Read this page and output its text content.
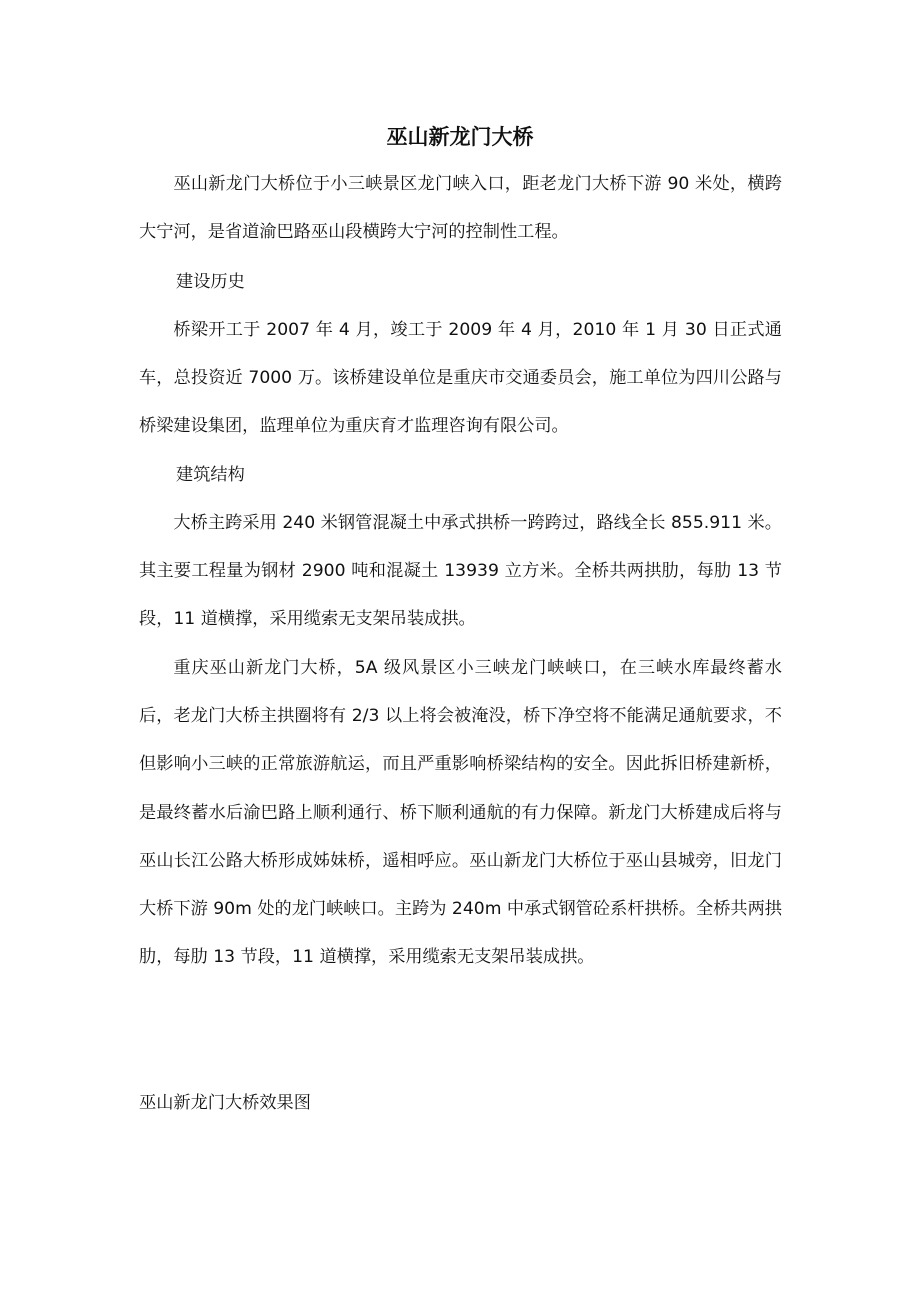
巫山新龙门大桥

巫山新龙门大桥位于小三峡景区龙门峡入口，距老龙门大桥下游 90 米处，横跨大宁河，是省道渝巴路巫山段横跨大宁河的控制性工程。

建设历史

桥梁开工于 2007 年 4 月，竣工于 2009 年 4 月，2010 年 1 月 30 日正式通车，总投资近 7000 万。该桥建设单位是重庆市交通委员会，施工单位为四川公路与桥梁建设集团，监理单位为重庆育才监理咨询有限公司。

建筑结构

大桥主跨采用 240 米钢管混凝土中承式拱桥一跨跨过，路线全长 855.911 米。其主要工程量为钢材 2900 吨和混凝土 13939 立方米。全桥共两拱肋，每肋 13 节段，11 道横撑，采用缆索无支架吊装成拱。

重庆巫山新龙门大桥，5A 级风景区小三峡龙门峡峡口，在三峡水库最终蓄水后，老龙门大桥主拱圈将有 2/3 以上将会被淹没，桥下净空将不能满足通航要求，不但影响小三峡的正常旅游航运，而且严重影响桥梁结构的安全。因此拆旧桥建新桥，是最终蓄水后渝巴路上顺利通行、桥下顺利通航的有力保障。新龙门大桥建成后将与巫山长江公路大桥形成姊妹桥，遥相呼应。巫山新龙门大桥位于巫山县城旁，旧龙门大桥下游 90m 处的龙门峡峡口。主跨为 240m 中承式钢管砼系杆拱桥。全桥共两拱肋，每肋 13 节段，11 道横撑，采用缆索无支架吊装成拱。

巫山新龙门大桥效果图
